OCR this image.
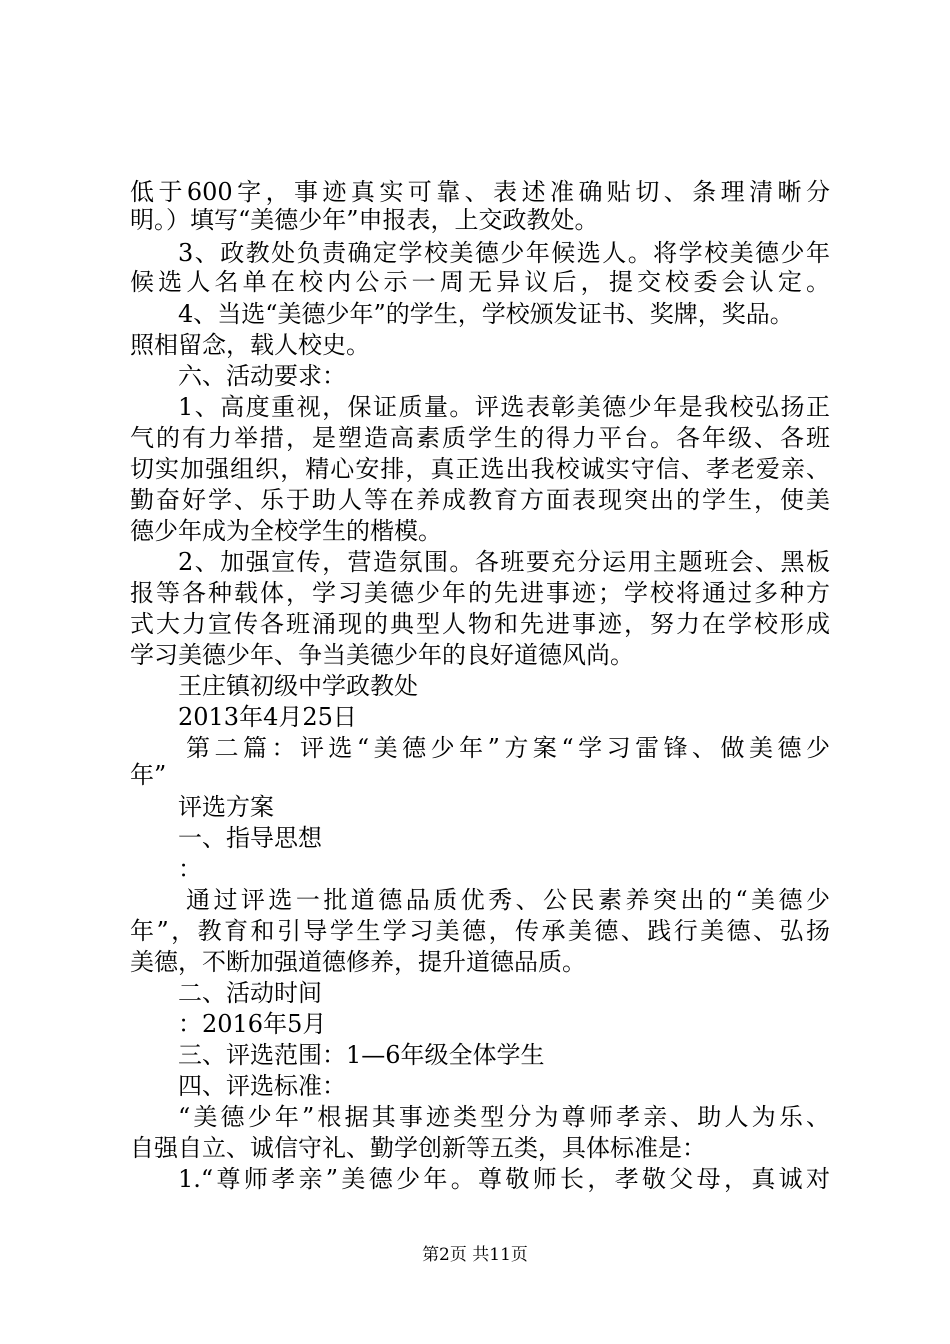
低于600字，事迹真实可靠、表述准确贴切、条理清晰分
明。）填写“美德少年”申报表，上交政教处。
3、政教处负责确定学校美德少年候选人。将学校美德少年
候选人名单在校内公示一周无异议后，提交校委会认定。
4、当选“美德少年”的学生，学校颁发证书、奖牌，奖品。
照相留念，载人校史。
六、活动要求：
1、高度重视，保证质量。评选表彰美德少年是我校弘扬正
气的有力举措，是塑造高素质学生的得力平台。各年级、各班
切实加强组织，精心安排，真正选出我校诚实守信、孝老爱亲、
勤奋好学、乐于助人等在养成教育方面表现突出的学生，使美
德少年成为全校学生的楷模。
2、加强宣传，营造氛围。各班要充分运用主题班会、黑板
报等各种载体，学习美德少年的先进事迹；学校将通过多种方
式大力宣传各班涌现的典型人物和先进事迹，努力在学校形成
学习美德少年、争当美德少年的良好道德风尚。
王庄镇初级中学政教处
2013年4月25日
第二篇：评选“美德少年”方案“学习雷锋、做美德少
年”
评选方案
一、指导思想
：
通过评选一批道德品质优秀、公民素养突出的“美德少
年”，教育和引导学生学习美德，传承美德、践行美德、弘扬
美德，不断加强道德修养，提升道德品质。
二、活动时间
：2016年5月
三、评选范围：1—6年级全体学生
四、评选标准：
“美德少年”根据其事迹类型分为尊师孝亲、助人为乐、
自强自立、诚信守礼、勤学创新等五类，具体标准是：
1.“尊师孝亲”美德少年。尊敬师长，孝敬父母，真诚对
第2页 共11页
